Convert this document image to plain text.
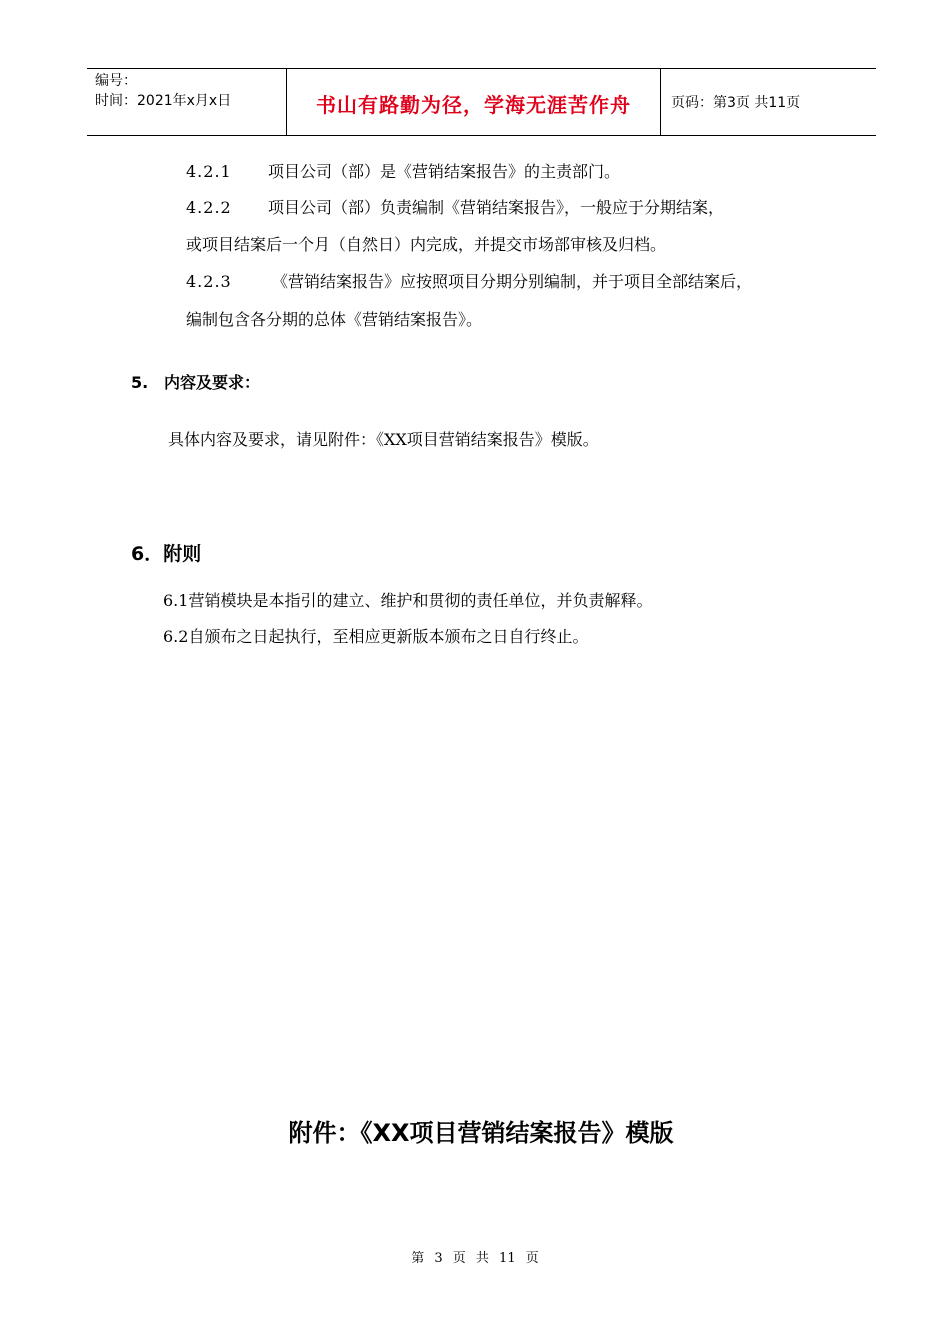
编号：
时间：2021年x月x日	书山有路勤为径，学海无涯苦作舟	页码：第3页 共11页
4.2.1 项目公司（部）是《营销结案报告》的主责部门。
4.2.2 项目公司（部）负责编制《营销结案报告》，一般应于分期结案，
或项目结案后一个月（自然日）内完成，并提交市场部审核及归档。
4.2.3	《营销结案报告》应按照项目分期分别编制，并于项目全部结案后，
编制包含各分期的总体《营销结案报告》。
5. 内容及要求：
具体内容及要求，请见附件：《XX项目营销结案报告》模版。
6．附则
6.1营销模块是本指引的建立、维护和贯彻的责任单位，并负责解释。
6.2自颁布之日起执行，至相应更新版本颁布之日自行终止。
附件：《XX项目营销结案报告》模版
第 3 页 共 11 页
